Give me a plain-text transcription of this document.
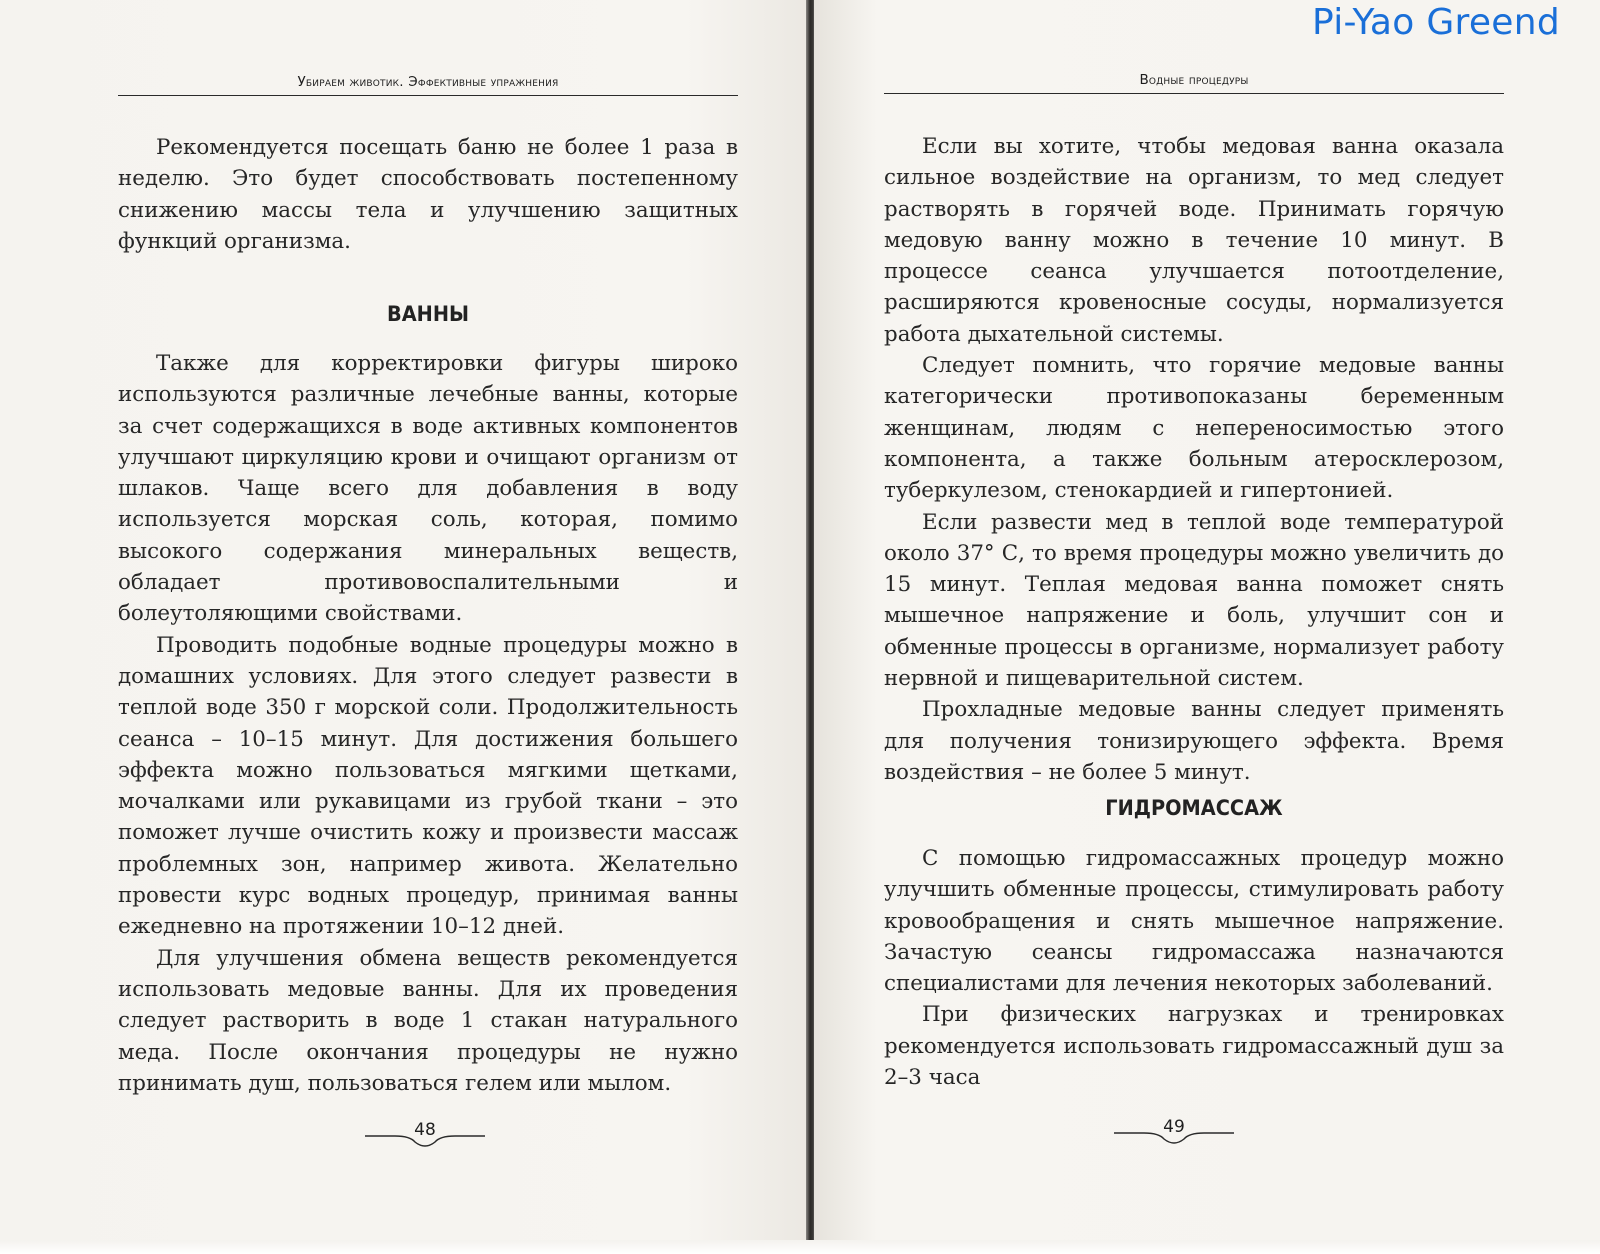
Убираем животик. Эффективные упражнения

Рекомендуется посещать баню не более 1 раза в неделю. Это будет способствовать постепенному снижению массы тела и улучшению защитных функций организма.

ВАННЫ

Также для корректировки фигуры широко используются различные лечебные ванны, которые за счет содержащихся в воде активных компонентов улучшают циркуляцию крови и очищают организм от шлаков. Чаще всего для добавления в воду используется морская соль, которая, помимо высокого содержания минеральных веществ, обладает противовоспалительными и болеутоляющими свойствами.

Проводить подобные водные процедуры можно в домашних условиях. Для этого следует развести в теплой воде 350 г морской соли. Продолжительность сеанса – 10–15 минут. Для достижения большего эффекта можно пользоваться мягкими щетками, мочалками или рукавицами из грубой ткани – это поможет лучше очистить кожу и произвести массаж проблемных зон, например живота. Желательно провести курс водных процедур, принимая ванны ежедневно на протяжении 10–12 дней.

Для улучшения обмена веществ рекомендуется использовать медовые ванны. Для их проведения следует растворить в воде 1 стакан натурального меда. После окончания процедуры не нужно принимать душ, пользоваться гелем или мылом.

48
Водные процедуры

Если вы хотите, чтобы медовая ванна оказала сильное воздействие на организм, то мед следует растворять в горячей воде. Принимать горячую медовую ванну можно в течение 10 минут. В процессе сеанса улучшается потоотделение, расширяются кровеносные сосуды, нормализуется работа дыхательной системы.

Следует помнить, что горячие медовые ванны категорически противопоказаны беременным женщинам, людям с непереносимостью этого компонента, а также больным атеросклерозом, туберкулезом, стенокардией и гипертонией.

Если развести мед в теплой воде температурой около 37° С, то время процедуры можно увеличить до 15 минут. Теплая медовая ванна поможет снять мышечное напряжение и боль, улучшит сон и обменные процессы в организме, нормализует работу нервной и пищеварительной систем.

Прохладные медовые ванны следует применять для получения тонизирующего эффекта. Время воздействия – не более 5 минут.

ГИДРОМАССАЖ

С помощью гидромассажных процедур можно улучшить обменные процессы, стимулировать работу кровообращения и снять мышечное напряжение. Зачастую сеансы гидромассажа назначаются специалистами для лечения некоторых заболеваний.

При физических нагрузках и тренировках рекомендуется использовать гидромассажный душ за 2–3 часа

49
Pi-Yao Greend
